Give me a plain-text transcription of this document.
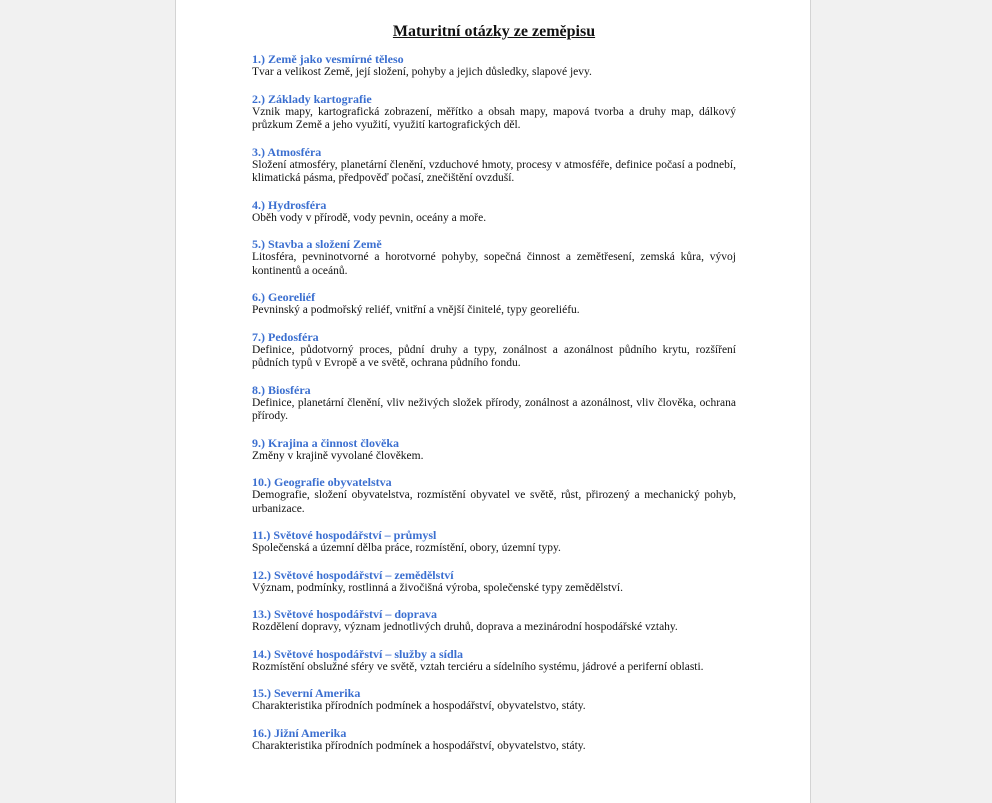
Maturitní otázky ze zeměpisu
1.) Země jako vesmírné těleso
Tvar a velikost Země, její složení, pohyby a jejich důsledky, slapové jevy.
2.) Základy kartografie
Vznik mapy, kartografická zobrazení, měřítko a obsah mapy, mapová tvorba a druhy map, dálkový průzkum Země a jeho využití, využití kartografických děl.
3.) Atmosféra
Složení atmosféry, planetární členění, vzduchové hmoty, procesy v atmosféře, definice počasí a podnebí, klimatická pásma, předpověď počasí, znečištění ovzduší.
4.) Hydrosféra
Oběh vody v přírodě, vody pevnin, oceány a moře.
5.) Stavba a složení Země
Litosféra, pevninotvorné a horotvorné pohyby, sopečná činnost a zemětřesení, zemská kůra, vývoj kontinentů a oceánů.
6.) Georeliéf
Pevninský a podmořský reliéf, vnitřní a vnější činitelé, typy georeliéfu.
7.) Pedosféra
Definice, půdotvorný proces, půdní druhy a typy, zonálnost a azonálnost půdního krytu, rozšíření půdních typů v Evropě a ve světě, ochrana půdního fondu.
8.) Biosféra
Definice, planetární členění, vliv neživých složek přírody, zonálnost a azonálnost, vliv člověka, ochrana přírody.
9.) Krajina a činnost člověka
Změny v krajině vyvolané člověkem.
10.) Geografie obyvatelstva
Demografie, složení obyvatelstva, rozmístění obyvatel ve světě, růst, přirozený a mechanický pohyb, urbanizace.
11.) Světové hospodářství – průmysl
Společenská a územní dělba práce, rozmístění, obory, územní typy.
12.) Světové hospodářství – zemědělství
Význam, podmínky, rostlinná a živočišná výroba, společenské typy zemědělství.
13.) Světové hospodářství – doprava
Rozdělení dopravy, význam jednotlivých druhů, doprava a mezinárodní hospodářské vztahy.
14.) Světové hospodářství – služby a sídla
Rozmístění obslužné sféry ve světě, vztah terciéru a sídelního systému, jádrové a periferní oblasti.
15.) Severní Amerika
Charakteristika přírodních podmínek a hospodářství, obyvatelstvo, státy.
16.) Jižní Amerika
Charakteristika přírodních podmínek a hospodářství, obyvatelstvo, státy.
